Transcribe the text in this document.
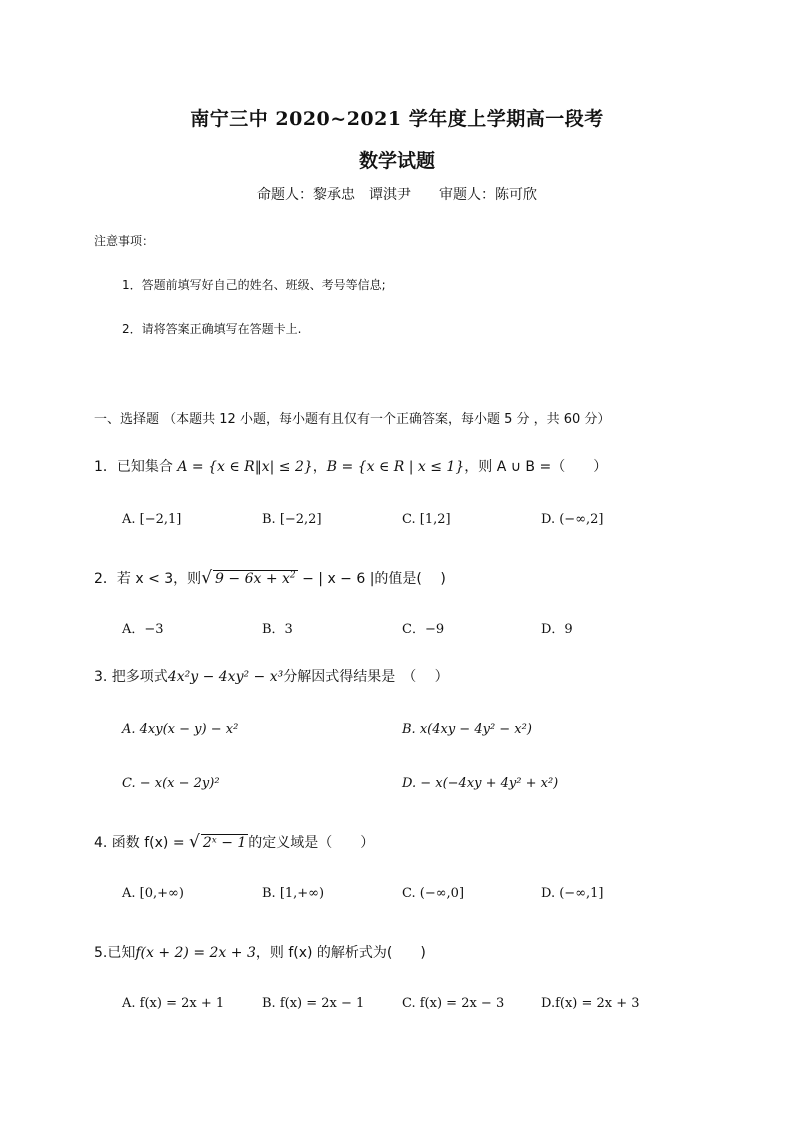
南宁三中 2020~2021 学年度上学期高一段考
数学试题
命题人：黎承忠　谭淇尹　　审题人：陈可欣
注意事项：
1．答题前填写好自己的姓名、班级、考号等信息;
2．请将答案正确填写在答题卡上.
一、选择题 （本题共 12 小题，每小题有且仅有一个正确答案，每小题 5 分 ，共 60 分）
1．已知集合 A = {x ∈ R‖x| ≤ 2}，B = {x ∈ R | x ≤ 1}，则 A ∪ B =（　　）
A. [−2,1]	B. [−2,2]	C. [1,2]	D. (−∞,2]
2．若 x < 3，则√ $9 - 6x + x^2$ − | x − 6 |的值是(　 )
A．−3	B．3	C．−9	D．9
3. 把多项式4x²y − 4xy² − x³分解因式得结果是　（　 ）
A. 4xy(x − y) − x²	B. x(4xy − 4y² − x²)
C. − x(x − 2y)²	D. − x(−4xy + 4y² + x²)
4. 函数 f(x) = √ 2ˣ − 1 的定义域是（　　）
A. [0,+∞)	B. [1,+∞)	C. (−∞,0]	D. (−∞,1]
5.已知f(x + 2) = 2x + 3，则 f(x) 的解析式为(　　)
A. f(x) = 2x + 1	B. f(x) = 2x − 1	C. f(x) = 2x − 3	D.f(x) = 2x + 3
